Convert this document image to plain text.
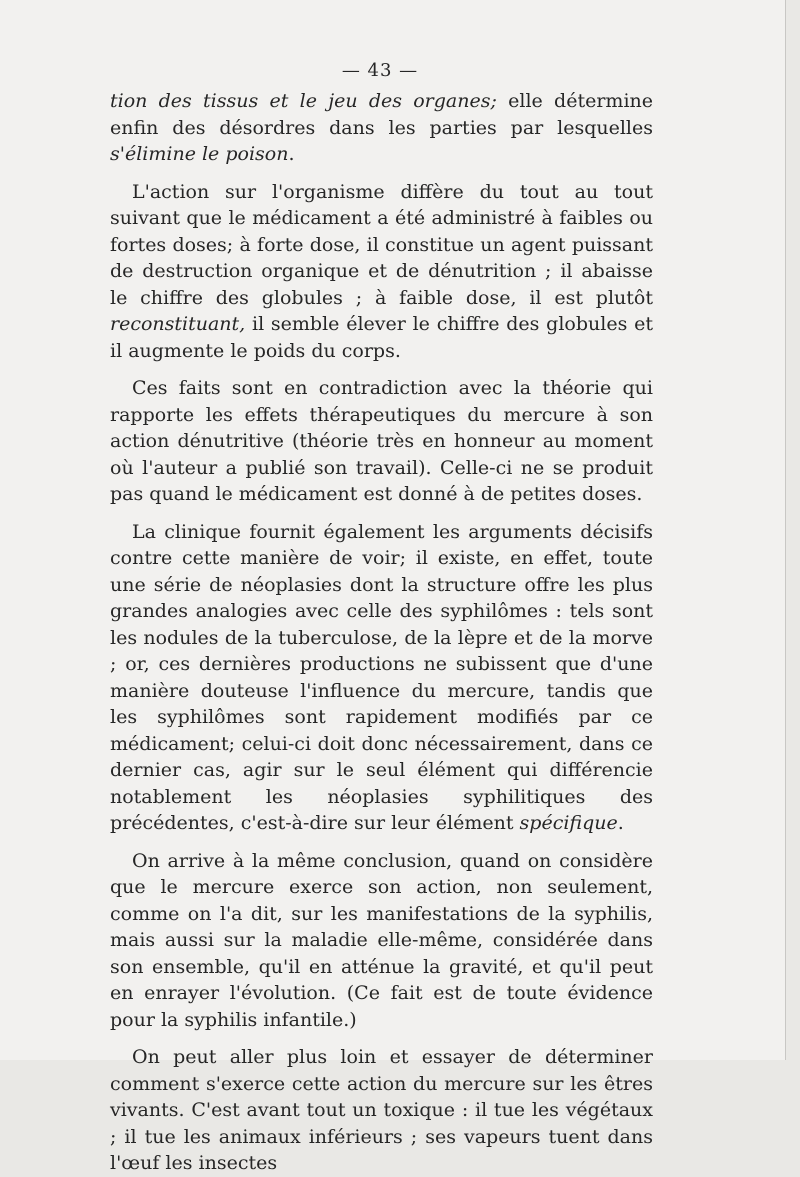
— 43 —

tion des tissus et le jeu des organes; elle détermine enfin des désordres dans les parties par lesquelles s'élimine le poison.

L'action sur l'organisme diffère du tout au tout suivant que le médicament a été administré à faibles ou fortes doses; à forte dose, il constitue un agent puissant de destruction organique et de dénutrition ; il abaisse le chiffre des globules ; à faible dose, il est plutôt reconstituant, il semble élever le chiffre des globules et il augmente le poids du corps.

Ces faits sont en contradiction avec la théorie qui rapporte les effets thérapeutiques du mercure à son action dénutritive (théorie très en honneur au moment où l'auteur a publié son travail). Celle-ci ne se produit pas quand le médicament est donné à de petites doses.

La clinique fournit également les arguments décisifs contre cette manière de voir; il existe, en effet, toute une série de néoplasies dont la structure offre les plus grandes analogies avec celle des syphilômes : tels sont les nodules de la tuberculose, de la lèpre et de la morve ; or, ces dernières productions ne subissent que d'une manière douteuse l'influence du mercure, tandis que les syphilômes sont rapidement modifiés par ce médicament; celui-ci doit donc nécessairement, dans ce dernier cas, agir sur le seul élément qui différencie notablement les néoplasies syphilitiques des précédentes, c'est-à-dire sur leur élément spécifique.

On arrive à la même conclusion, quand on considère que le mercure exerce son action, non seulement, comme on l'a dit, sur les manifestations de la syphilis, mais aussi sur la maladie elle-même, considérée dans son ensemble, qu'il en atténue la gravité, et qu'il peut en enrayer l'évolution. (Ce fait est de toute évidence pour la syphilis infantile.)

On peut aller plus loin et essayer de déterminer comment s'exerce cette action du mercure sur les êtres vivants. C'est avant tout un toxique : il tue les végétaux ; il tue les animaux inférieurs ; ses vapeurs tuent dans l'œuf les insectes
